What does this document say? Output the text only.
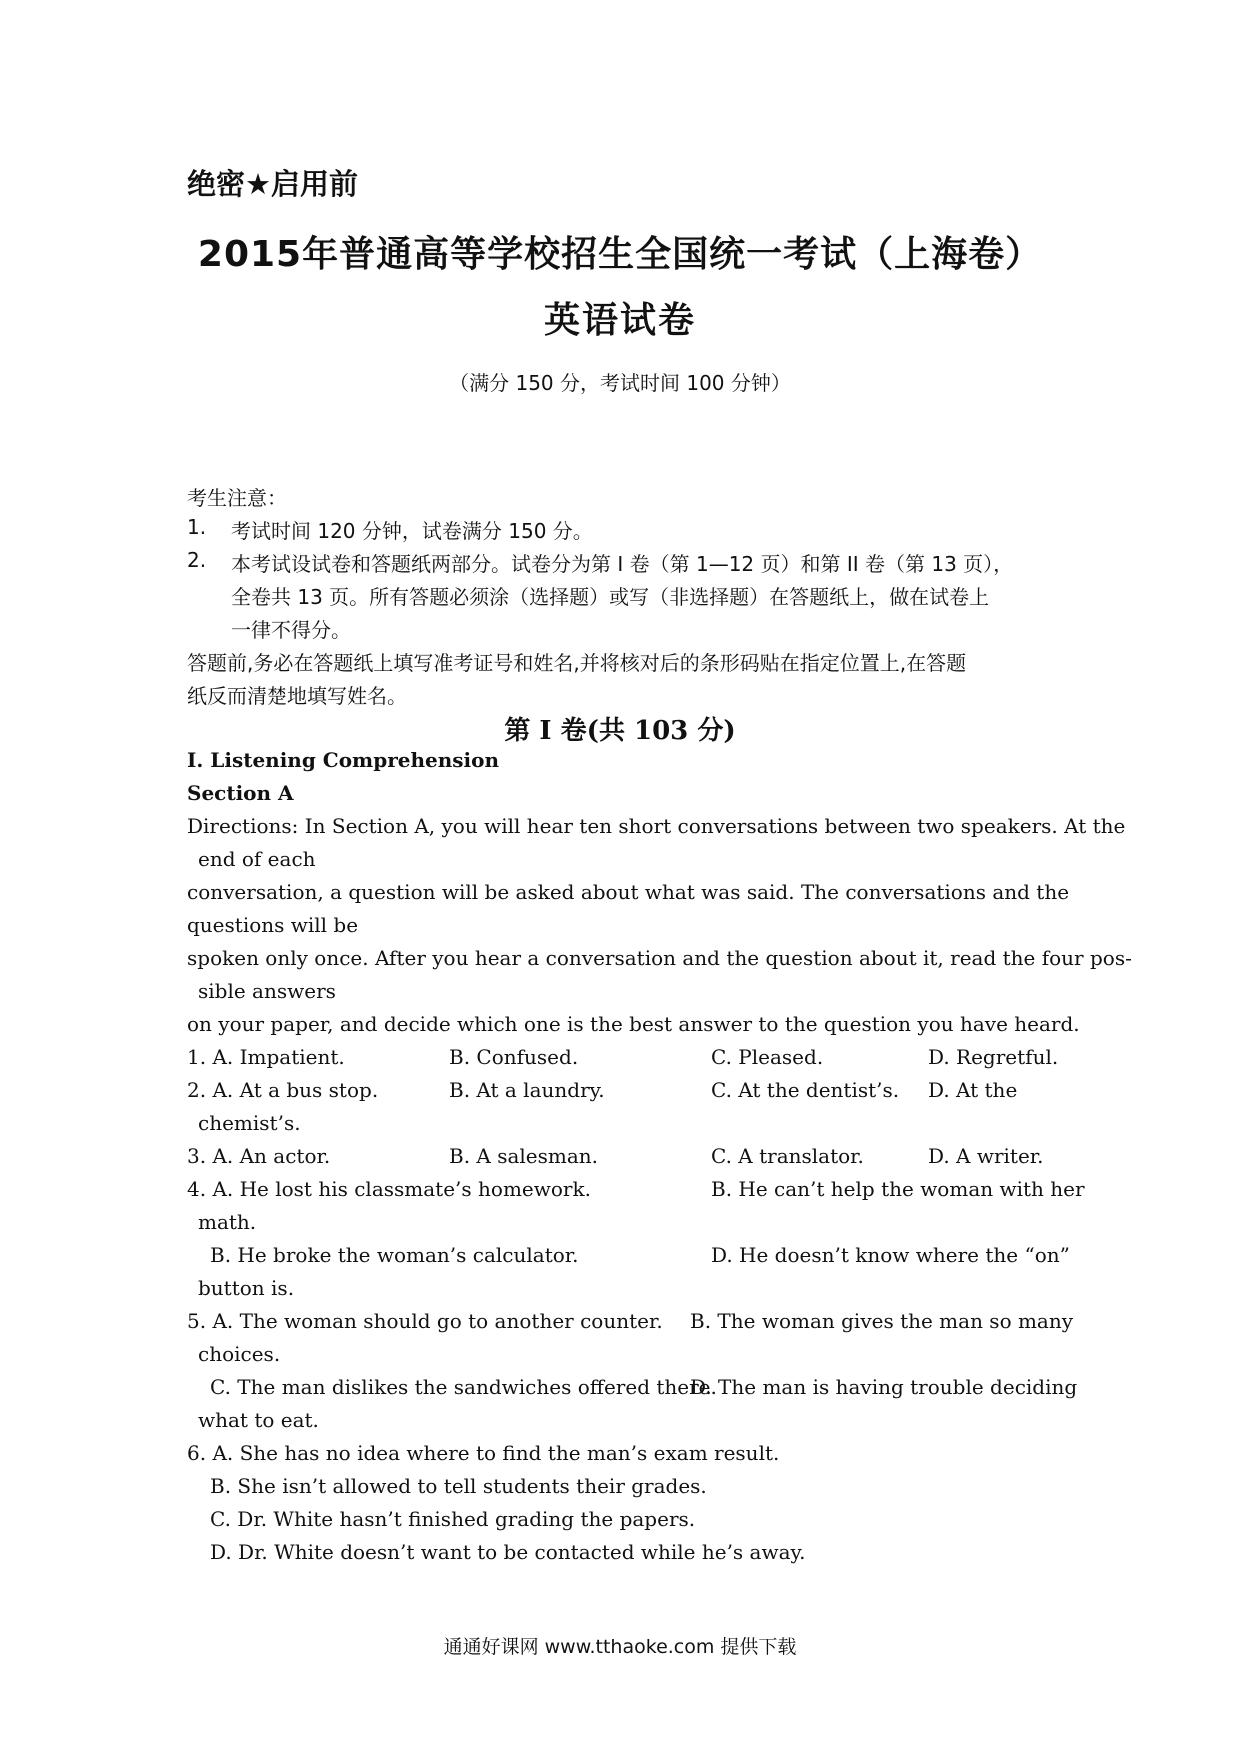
绝密★启用前
2015年普通高等学校招生全国统一考试（上海卷）
英语试卷
（满分 150 分，考试时间 100 分钟）
考生注意：
1. 考试时间 120 分钟，试卷满分 150 分。
2. 本考试设试卷和答题纸两部分。试卷分为第 I 卷（第 1—12 页）和第 II 卷（第 13 页），
全卷共 13 页。所有答题必须涂（选择题）或写（非选择题）在答题纸上，做在试卷上
一律不得分。
答题前,务必在答题纸上填写准考证号和姓名,并将核对后的条形码贴在指定位置上,在答题
纸反而清楚地填写姓名。
第 I 卷(共 103 分)
I. Listening Comprehension
Section A
Directions: In Section A, you will hear ten short conversations between two speakers. At the
end of each
conversation, a question will be asked about what was said. The conversations and the
questions will be
spoken only once. After you hear a conversation and the question about it, read the four pos-
sible answers
on your paper, and decide which one is the best answer to the question you have heard.
1. A. Impatient.	B. Confused.	C. Pleased.	D. Regretful.
2. A. At a bus stop.	B. At a laundry.	C. At the dentist’s. D. At the
chemist’s.
3. A. An actor.	B. A salesman.	C. A translator.	D. A writer.
4. A. He lost his classmate’s homework.	B. He can’t help the woman with her
math.
B. He broke the woman’s calculator.	D. He doesn’t know where the “on”
button is.
5. A. The woman should go to another counter. B. The woman gives the man so many
choices.
C. The man dislikes the sandwiches offered there.
D. The man is having trouble deciding
what to eat.
6. A. She has no idea where to find the man’s exam result.
B. She isn’t allowed to tell students their grades.
C. Dr. White hasn’t finished grading the papers.
D. Dr. White doesn’t want to be contacted while he’s away.
通通好课网 www.tthaoke.com 提供下载
